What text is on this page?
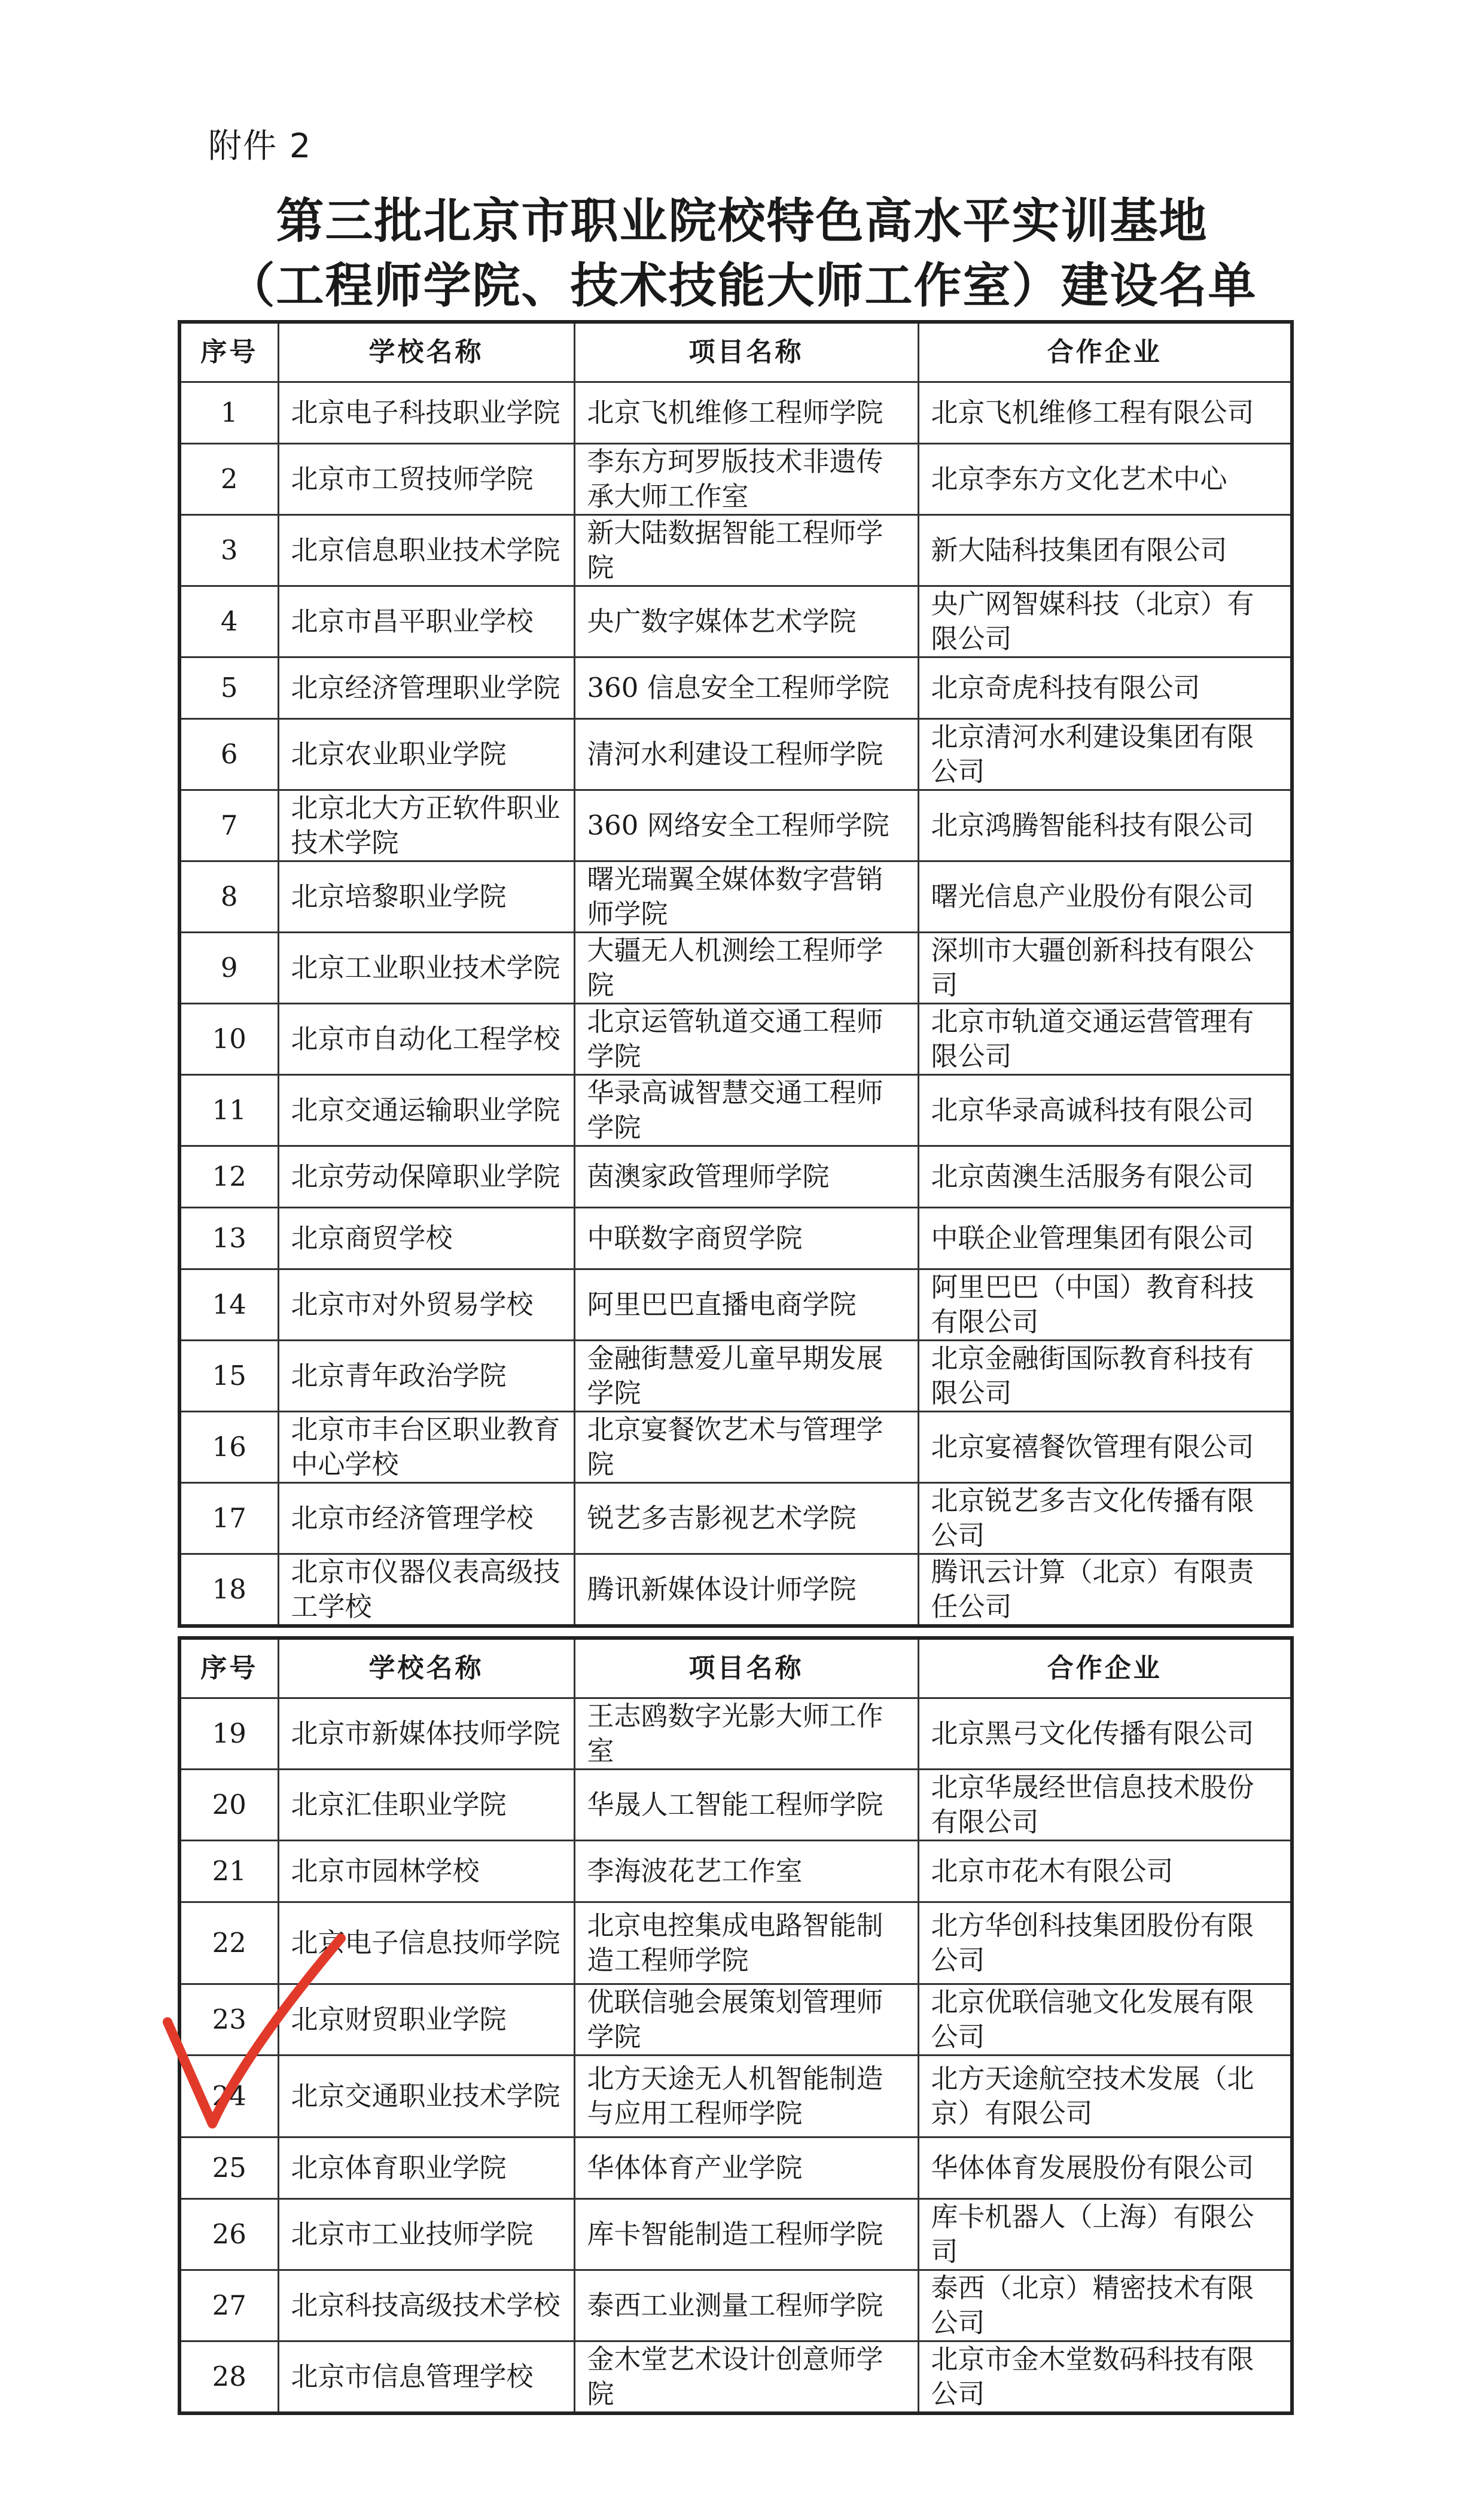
附件 2
第三批北京市职业院校特色高水平实训基地
（工程师学院、技术技能大师工作室）建设名单
序号	学校名称	项目名称	合作企业
1	北京电子科技职业学院	北京飞机维修工程师学院	北京飞机维修工程有限公司
2	北京市工贸技师学院	李东方珂罗版技术非遗传承大师工作室	北京李东方文化艺术中心
3	北京信息职业技术学院	新大陆数据智能工程师学院	新大陆科技集团有限公司
4	北京市昌平职业学校	央广数字媒体艺术学院	央广网智媒科技（北京）有限公司
5	北京经济管理职业学院	360 信息安全工程师学院	北京奇虎科技有限公司
6	北京农业职业学院	清河水利建设工程师学院	北京清河水利建设集团有限公司
7	北京北大方正软件职业技术学院	360 网络安全工程师学院	北京鸿腾智能科技有限公司
8	北京培黎职业学院	曙光瑞翼全媒体数字营销师学院	曙光信息产业股份有限公司
9	北京工业职业技术学院	大疆无人机测绘工程师学院	深圳市大疆创新科技有限公司
10	北京市自动化工程学校	北京运管轨道交通工程师学院	北京市轨道交通运营管理有限公司
11	北京交通运输职业学院	华录高诚智慧交通工程师学院	北京华录高诚科技有限公司
12	北京劳动保障职业学院	茵澳家政管理师学院	北京茵澳生活服务有限公司
13	北京商贸学校	中联数字商贸学院	中联企业管理集团有限公司
14	北京市对外贸易学校	阿里巴巴直播电商学院	阿里巴巴（中国）教育科技有限公司
15	北京青年政治学院	金融街慧爱儿童早期发展学院	北京金融街国际教育科技有限公司
16	北京市丰台区职业教育中心学校	北京宴餐饮艺术与管理学院	北京宴禧餐饮管理有限公司
17	北京市经济管理学校	锐艺多吉影视艺术学院	北京锐艺多吉文化传播有限公司
18	北京市仪器仪表高级技工学校	腾讯新媒体设计师学院	腾讯云计算（北京）有限责任公司
序号	学校名称	项目名称	合作企业
19	北京市新媒体技师学院	王志鸥数字光影大师工作室	北京黑弓文化传播有限公司
20	北京汇佳职业学院	华晟人工智能工程师学院	北京华晟经世信息技术股份有限公司
21	北京市园林学校	李海波花艺工作室	北京市花木有限公司
22	北京电子信息技师学院	北京电控集成电路智能制造工程师学院	北方华创科技集团股份有限公司
23	北京财贸职业学院	优联信驰会展策划管理师学院	北京优联信驰文化发展有限公司
24	北京交通职业技术学院	北方天途无人机智能制造与应用工程师学院	北方天途航空技术发展（北京）有限公司
25	北京体育职业学院	华体体育产业学院	华体体育发展股份有限公司
26	北京市工业技师学院	库卡智能制造工程师学院	库卡机器人（上海）有限公司
27	北京科技高级技术学校	泰西工业测量工程师学院	泰西（北京）精密技术有限公司
28	北京市信息管理学校	金木堂艺术设计创意师学院	北京市金木堂数码科技有限公司
